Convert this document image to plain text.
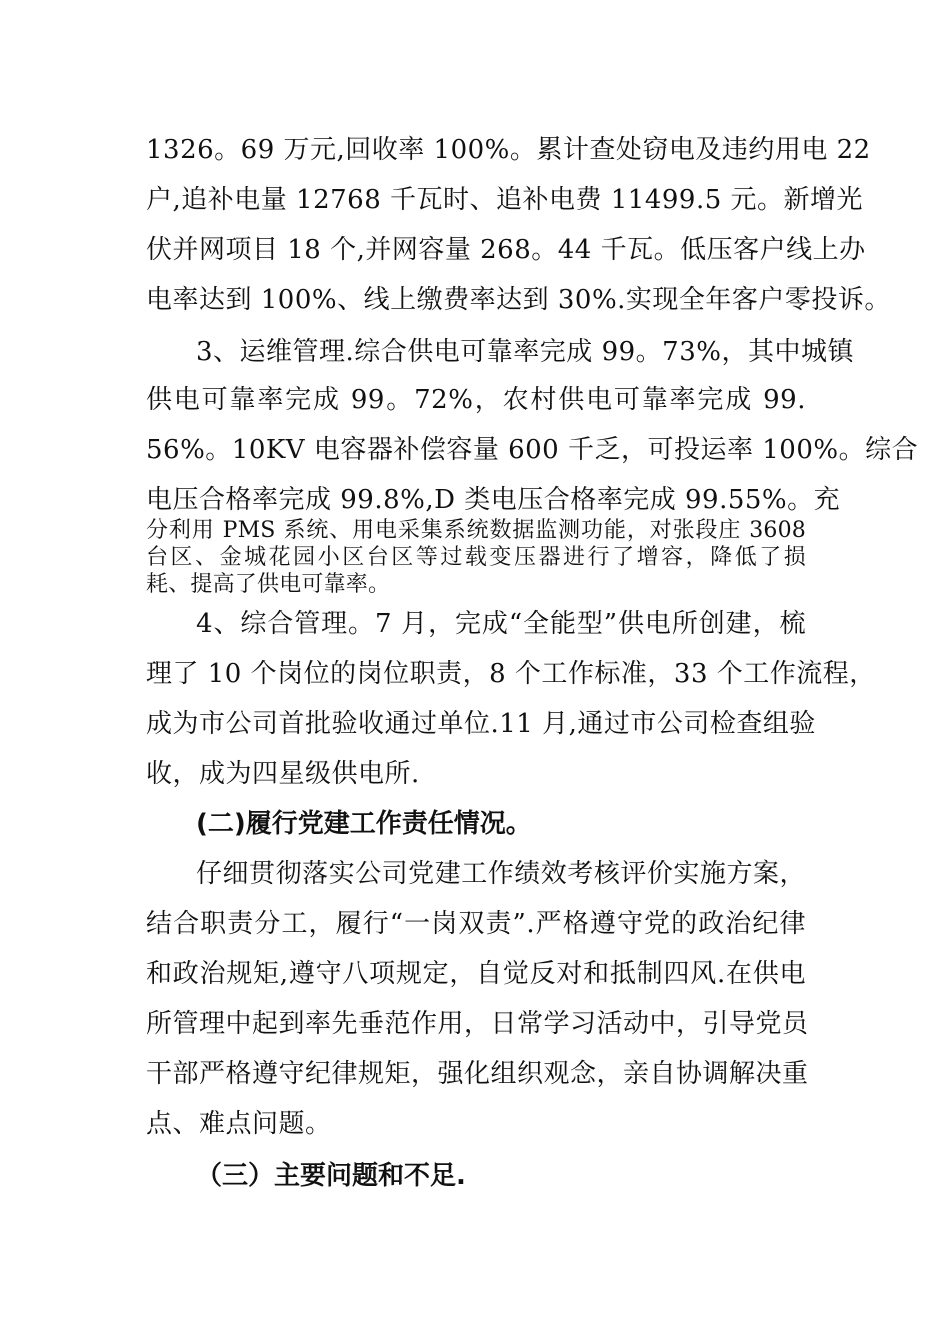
1326。69 万元,回收率 100%。累计查处窃电及违约用电 22
户,追补电量 12768 千瓦时、追补电费 11499.5 元。新增光
伏并网项目 18 个,并网容量 268。44 千瓦。低压客户线上办
电率达到 100%、线上缴费率达到 30%.实现全年客户零投诉。
3、运维管理.综合供电可靠率完成 99。73%，其中城镇
供电可靠率完成 99。72%，农村供电可靠率完成 99.
56%。10KV 电容器补偿容量 600 千乏，可投运率 100%。综合
电压合格率完成 99.8%,D 类电压合格率完成 99.55%。充
分利用 PMS 系统、用电采集系统数据监测功能，对张段庄 3608
台区、金城花园小区台区等过载变压器进行了增容，降低了损
耗、提高了供电可靠率。
4、综合管理。7 月，完成“全能型”供电所创建，梳
理了 10 个岗位的岗位职责，8 个工作标准，33 个工作流程，
成为市公司首批验收通过单位.11 月,通过市公司检查组验
收，成为四星级供电所.
(二)履行党建工作责任情况。
仔细贯彻落实公司党建工作绩效考核评价实施方案，
结合职责分工，履行“一岗双责”.严格遵守党的政治纪律
和政治规矩,遵守八项规定，自觉反对和抵制四风.在供电
所管理中起到率先垂范作用，日常学习活动中，引导党员
干部严格遵守纪律规矩，强化组织观念，亲自协调解决重
点、难点问题。
（三）主要问题和不足.
